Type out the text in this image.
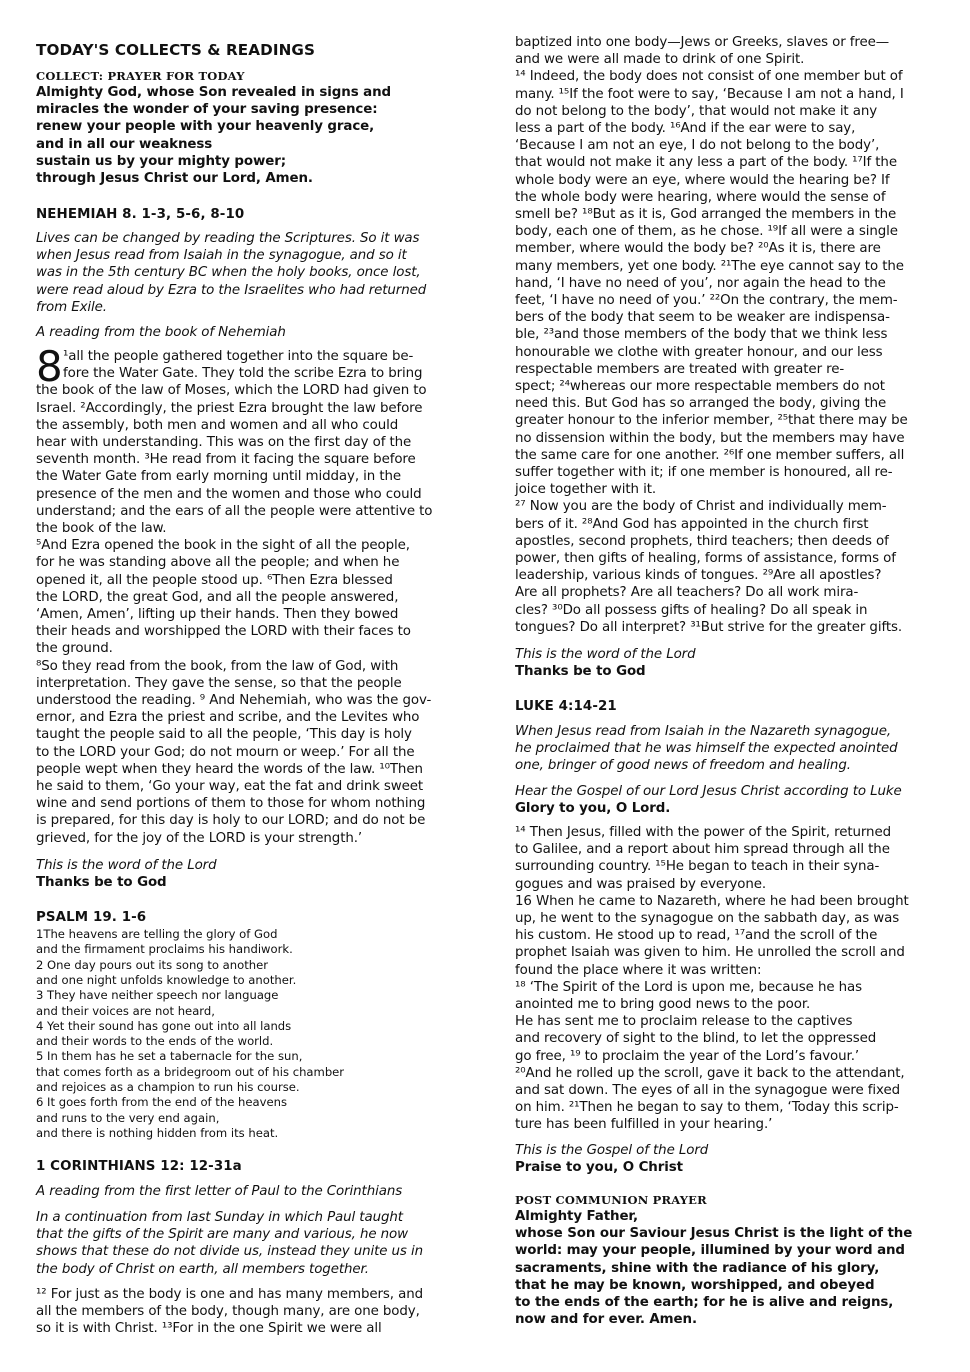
TODAY'S COLLECTS & READINGS
COLLECT: PRAYER FOR TODAY
Almighty God, whose Son revealed in signs and
miracles the wonder of your saving presence:
renew your people with your heavenly grace,
and in all our weakness
sustain us by your mighty power;
through Jesus Christ our Lord, Amen.
NEHEMIAH 8. 1-3, 5-6, 8-10
Lives can be changed by reading the Scriptures. So it was
when Jesus read from Isaiah in the synagogue, and so it
was in the 5th century BC when the holy books, once lost,
were read aloud by Ezra to the Israelites who had returned
from Exile.
A reading from the book of Nehemiah
8 ¹all the people gathered together into the square be-
fore the Water Gate. They told the scribe Ezra to bring
the book of the law of Moses, which the LORD had given to
Israel. ²Accordingly, the priest Ezra brought the law before
the assembly, both men and women and all who could
hear with understanding. This was on the first day of the
seventh month. ³He read from it facing the square before
the Water Gate from early morning until midday, in the
presence of the men and the women and those who could
understand; and the ears of all the people were attentive to
the book of the law.
⁵And Ezra opened the book in the sight of all the people,
for he was standing above all the people; and when he
opened it, all the people stood up. ⁶Then Ezra blessed
the LORD, the great God, and all the people answered,
‘Amen, Amen’, lifting up their hands. Then they bowed
their heads and worshipped the LORD with their faces to
the ground.
⁸So they read from the book, from the law of God, with
interpretation. They gave the sense, so that the people
understood the reading. ⁹ And Nehemiah, who was the gov-
ernor, and Ezra the priest and scribe, and the Levites who
taught the people said to all the people, ‘This day is holy
to the LORD your God; do not mourn or weep.’ For all the
people wept when they heard the words of the law. ¹⁰Then
he said to them, ‘Go your way, eat the fat and drink sweet
wine and send portions of them to those for whom nothing
is prepared, for this day is holy to our LORD; and do not be
grieved, for the joy of the LORD is your strength.’
This is the word of the Lord
Thanks be to God
PSALM 19. 1-6
1The heavens are telling the glory of God
and the firmament proclaims his handiwork.
2 One day pours out its song to another
and one night unfolds knowledge to another.
3 They have neither speech nor language
and their voices are not heard,
4 Yet their sound has gone out into all lands
and their words to the ends of the world.
5 In them has he set a tabernacle for the sun,
that comes forth as a bridegroom out of his chamber
and rejoices as a champion to run his course.
6 It goes forth from the end of the heavens
and runs to the very end again,
and there is nothing hidden from its heat.
1 CORINTHIANS 12: 12-31a
A reading from the first letter of Paul to the Corinthians
In a continuation from last Sunday in which Paul taught
that the gifts of the Spirit are many and various, he now
shows that these do not divide us, instead they unite us in
the body of Christ on earth, all members together.
¹² For just as the body is one and has many members, and
all the members of the body, though many, are one body,
so it is with Christ. ¹³For in the one Spirit we were all
baptized into one body—Jews or Greeks, slaves or free—
and we were all made to drink of one Spirit.
¹⁴ Indeed, the body does not consist of one member but of
many. ¹⁵If the foot were to say, ‘Because I am not a hand, I
do not belong to the body’, that would not make it any
less a part of the body. ¹⁶And if the ear were to say,
‘Because I am not an eye, I do not belong to the body’,
that would not make it any less a part of the body. ¹⁷If the
whole body were an eye, where would the hearing be? If
the whole body were hearing, where would the sense of
smell be? ¹⁸But as it is, God arranged the members in the
body, each one of them, as he chose. ¹⁹If all were a single
member, where would the body be? ²⁰As it is, there are
many members, yet one body. ²¹The eye cannot say to the
hand, ‘I have no need of you’, nor again the head to the
feet, ‘I have no need of you.’ ²²On the contrary, the mem-
bers of the body that seem to be weaker are indispensa-
ble, ²³and those members of the body that we think less
honourable we clothe with greater honour, and our less
respectable members are treated with greater re-
spect; ²⁴whereas our more respectable members do not
need this. But God has so arranged the body, giving the
greater honour to the inferior member, ²⁵that there may be
no dissension within the body, but the members may have
the same care for one another. ²⁶If one member suffers, all
suffer together with it; if one member is honoured, all re-
joice together with it.
²⁷ Now you are the body of Christ and individually mem-
bers of it. ²⁸And God has appointed in the church first
apostles, second prophets, third teachers; then deeds of
power, then gifts of healing, forms of assistance, forms of
leadership, various kinds of tongues. ²⁹Are all apostles?
Are all prophets? Are all teachers? Do all work mira-
cles? ³⁰Do all possess gifts of healing? Do all speak in
tongues? Do all interpret? ³¹But strive for the greater gifts.
This is the word of the Lord
Thanks be to God
LUKE 4:14-21
When Jesus read from Isaiah in the Nazareth synagogue,
he proclaimed that he was himself the expected anointed
one, bringer of good news of freedom and healing.
Hear the Gospel of our Lord Jesus Christ according to Luke
Glory to you, O Lord.
¹⁴ Then Jesus, filled with the power of the Spirit, returned
to Galilee, and a report about him spread through all the
surrounding country. ¹⁵He began to teach in their syna-
gogues and was praised by everyone.
16 When he came to Nazareth, where he had been brought
up, he went to the synagogue on the sabbath day, as was
his custom. He stood up to read, ¹⁷and the scroll of the
prophet Isaiah was given to him. He unrolled the scroll and
found the place where it was written:
¹⁸ ‘The Spirit of the Lord is upon me, because he has
anointed me to bring good news to the poor.
He has sent me to proclaim release to the captives
and recovery of sight to the blind, to let the oppressed
go free, ¹⁹ to proclaim the year of the Lord’s favour.’
²⁰And he rolled up the scroll, gave it back to the attendant,
and sat down. The eyes of all in the synagogue were fixed
on him. ²¹Then he began to say to them, ‘Today this scrip-
ture has been fulfilled in your hearing.’
This is the Gospel of the Lord
Praise to you, O Christ
POST COMMUNION PRAYER
Almighty Father,
whose Son our Saviour Jesus Christ is the light of the
world: may your people, illumined by your word and
sacraments, shine with the radiance of his glory,
that he may be known, worshipped, and obeyed
to the ends of the earth; for he is alive and reigns,
now and for ever. Amen.
